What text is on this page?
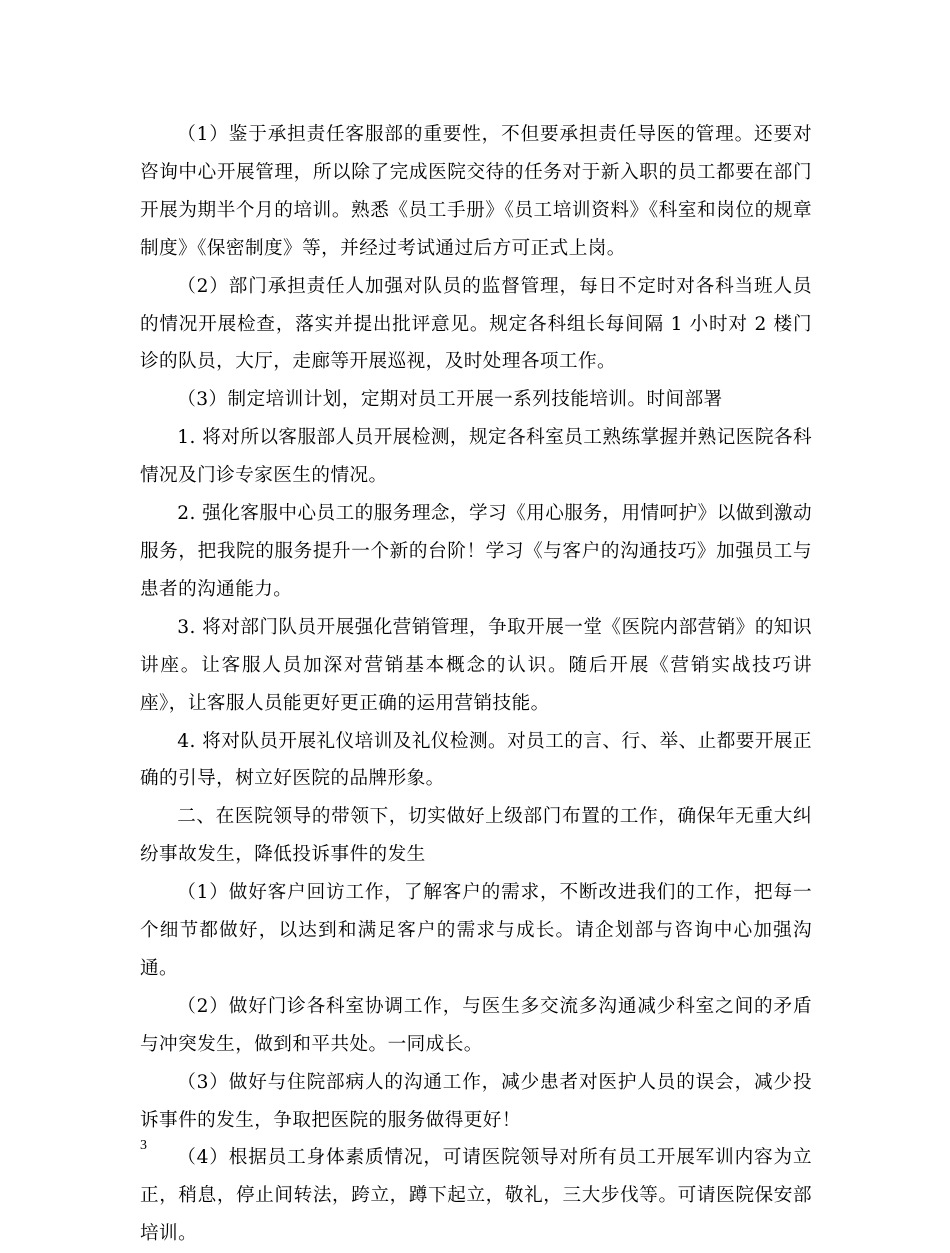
（1）鉴于承担责任客服部的重要性，不但要承担责任导医的管理。还要对咨询中心开展管理，所以除了完成医院交待的任务对于新入职的员工都要在部门开展为期半个月的培训。熟悉《员工手册》《员工培训资料》《科室和岗位的规章制度》《保密制度》等，并经过考试通过后方可正式上岗。

（2）部门承担责任人加强对队员的监督管理，每日不定时对各科当班人员的情况开展检查，落实并提出批评意见。规定各科组长每间隔 1 小时对 2 楼门诊的队员，大厅，走廊等开展巡视，及时处理各项工作。

（3）制定培训计划，定期对员工开展一系列技能培训。时间部署

1. 将对所以客服部人员开展检测，规定各科室员工熟练掌握并熟记医院各科情况及门诊专家医生的情况。

2. 强化客服中心员工的服务理念，学习《用心服务，用情呵护》以做到激动服务，把我院的服务提升一个新的台阶！学习《与客户的沟通技巧》加强员工与患者的沟通能力。

3. 将对部门队员开展强化营销管理，争取开展一堂《医院内部营销》的知识讲座。让客服人员加深对营销基本概念的认识。随后开展《营销实战技巧讲座》，让客服人员能更好更正确的运用营销技能。

4. 将对队员开展礼仪培训及礼仪检测。对员工的言、行、举、止都要开展正确的引导，树立好医院的品牌形象。

二、在医院领导的带领下，切实做好上级部门布置的工作，确保年无重大纠纷事故发生，降低投诉事件的发生

（1）做好客户回访工作，了解客户的需求，不断改进我们的工作，把每一个细节都做好，以达到和满足客户的需求与成长。请企划部与咨询中心加强沟通。

（2）做好门诊各科室协调工作，与医生多交流多沟通减少科室之间的矛盾与冲突发生，做到和平共处。一同成长。

（3）做好与住院部病人的沟通工作，减少患者对医护人员的误会，减少投诉事件的发生，争取把医院的服务做得更好！

（4）根据员工身体素质情况，可请医院领导对所有员工开展军训内容为立正，稍息，停止间转法，跨立，蹲下起立，敬礼，三大步伐等。可请医院保安部培训。

3
